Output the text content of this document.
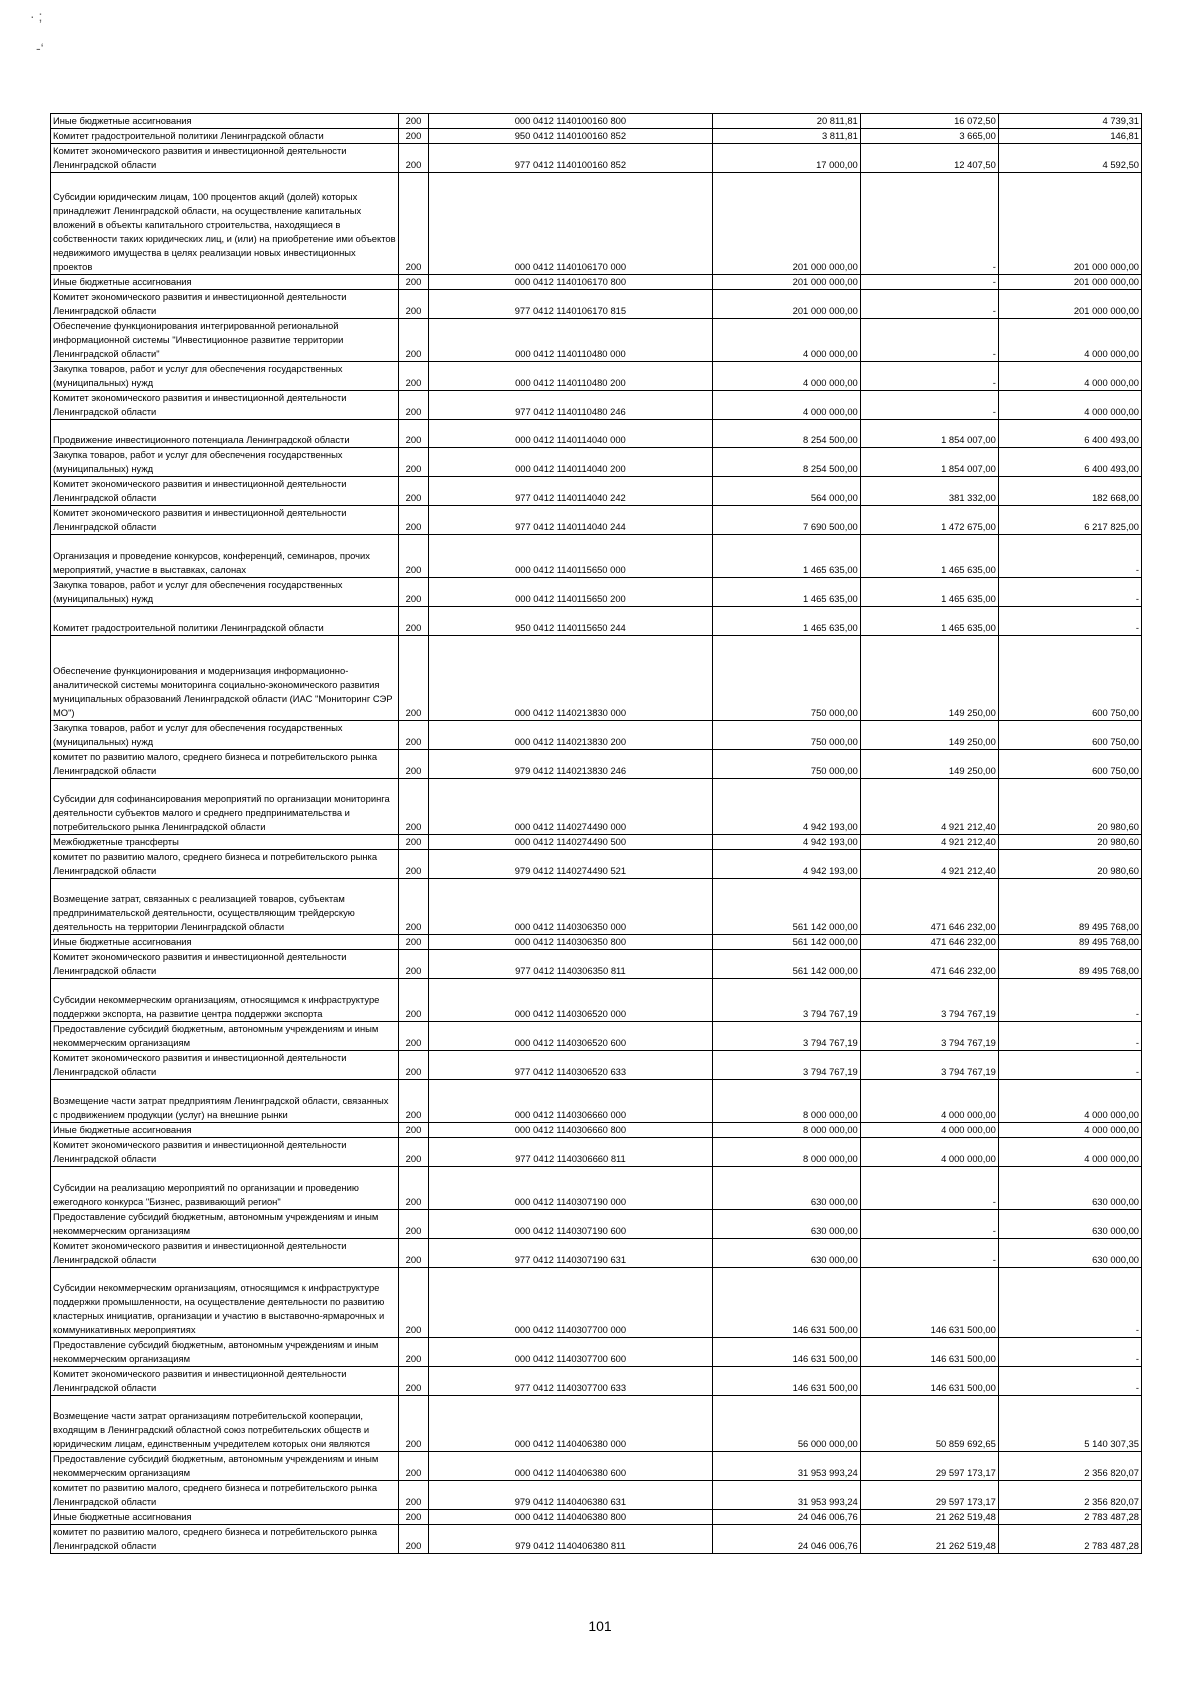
· ;
-‘
Иные бюджетные ассигнования		200		000 0412 1140100160 800	20 811,81	16 072,50	4 739,31
Комитет градостроительной политики Ленинградской области		200		950 0412 1140100160 852	3 811,81	3 665,00	146,81
Комитет экономического развития и инвестиционной деятельности Ленинградской области		200		977 0412 1140100160 852	17 000,00	12 407,50	4 592,50
Субсидии юридическим лицам, 100 процентов акций (долей) которых принадлежит Ленинградской области, на осуществление капитальных вложений в объекты капитального строительства, находящиеся в собственности таких юридических лиц, и (или) на приобретение ими объектов недвижимого имущества в целях реализации новых инвестиционных проектов		200		000 0412 1140106170 000	201 000 000,00	-	201 000 000,00
Иные бюджетные ассигнования		200		000 0412 1140106170 800	201 000 000,00	-	201 000 000,00
Комитет экономического развития и инвестиционной деятельности Ленинградской области		200		977 0412 1140106170 815	201 000 000,00	-	201 000 000,00
Обеспечение функционирования интегрированной региональной информационной системы "Инвестиционное развитие территории Ленинградской области"		200		000 0412 1140110480 000	4 000 000,00	-	4 000 000,00
Закупка товаров, работ и услуг для обеспечения государственных (муниципальных) нужд		200		000 0412 1140110480 200	4 000 000,00	-	4 000 000,00
Комитет экономического развития и инвестиционной деятельности Ленинградской области		200		977 0412 1140110480 246	4 000 000,00	-	4 000 000,00
Продвижение инвестиционного потенциала Ленинградской области		200		000 0412 1140114040 000	8 254 500,00	1 854 007,00	6 400 493,00
Закупка товаров, работ и услуг для обеспечения государственных (муниципальных) нужд		200		000 0412 1140114040 200	8 254 500,00	1 854 007,00	6 400 493,00
Комитет экономического развития и инвестиционной деятельности Ленинградской области		200		977 0412 1140114040 242	564 000,00	381 332,00	182 668,00
Комитет экономического развития и инвестиционной деятельности Ленинградской области		200		977 0412 1140114040 244	7 690 500,00	1 472 675,00	6 217 825,00
Организация и проведение конкурсов, конференций, семинаров, прочих мероприятий, участие в выставках, салонах		200		000 0412 1140115650 000	1 465 635,00	1 465 635,00	-
Закупка товаров, работ и услуг для обеспечения государственных (муниципальных) нужд		200		000 0412 1140115650 200	1 465 635,00	1 465 635,00	-
Комитет градостроительной политики Ленинградской области		200		950 0412 1140115650 244	1 465 635,00	1 465 635,00	-
Обеспечение функционирования и модернизация информационно-аналитической системы мониторинга социально-экономического развития муниципальных образований Ленинградской области (ИАС "Мониторинг СЭР МО")		200		000 0412 1140213830 000	750 000,00	149 250,00	600 750,00
Закупка товаров, работ и услуг для обеспечения государственных (муниципальных) нужд		200		000 0412 1140213830 200	750 000,00	149 250,00	600 750,00
комитет по развитию малого, среднего бизнеса и потребительского рынка Ленинградской области		200		979 0412 1140213830 246	750 000,00	149 250,00	600 750,00
Субсидии для софинансирования мероприятий по организации мониторинга деятельности субъектов малого и среднего предпринимательства и потребительского рынка Ленинградской области		200		000 0412 1140274490 000	4 942 193,00	4 921 212,40	20 980,60
Межбюджетные трансферты		200		000 0412 1140274490 500	4 942 193,00	4 921 212,40	20 980,60
комитет по развитию малого, среднего бизнеса и потребительского рынка Ленинградской области		200		979 0412 1140274490 521	4 942 193,00	4 921 212,40	20 980,60
Возмещение затрат, связанных с реализацией товаров, субъектам предпринимательской деятельности, осуществляющим трейдерскую деятельность на территории Ленинградской области		200		000 0412 1140306350 000	561 142 000,00	471 646 232,00	89 495 768,00
Иные бюджетные ассигнования		200		000 0412 1140306350 800	561 142 000,00	471 646 232,00	89 495 768,00
Комитет экономического развития и инвестиционной деятельности Ленинградской области		200		977 0412 1140306350 811	561 142 000,00	471 646 232,00	89 495 768,00
Субсидии некоммерческим организациям, относящимся к инфраструктуре поддержки экспорта, на развитие центра поддержки экспорта		200		000 0412 1140306520 000	3 794 767,19	3 794 767,19	-
Предоставление субсидий бюджетным, автономным учреждениям и иным некоммерческим организациям		200		000 0412 1140306520 600	3 794 767,19	3 794 767,19	-
Комитет экономического развития и инвестиционной деятельности Ленинградской области		200		977 0412 1140306520 633	3 794 767,19	3 794 767,19	-
Возмещение части затрат предприятиям Ленинградской области, связанных с продвижением продукции (услуг) на внешние рынки		200		000 0412 1140306660 000	8 000 000,00	4 000 000,00	4 000 000,00
Иные бюджетные ассигнования		200		000 0412 1140306660 800	8 000 000,00	4 000 000,00	4 000 000,00
Комитет экономического развития и инвестиционной деятельности Ленинградской области		200		977 0412 1140306660 811	8 000 000,00	4 000 000,00	4 000 000,00
Субсидии на реализацию мероприятий по организации и проведению ежегодного конкурса "Бизнес, развивающий регион"		200		000 0412 1140307190 000	630 000,00	-	630 000,00
Предоставление субсидий бюджетным, автономным учреждениям и иным некоммерческим организациям		200		000 0412 1140307190 600	630 000,00	-	630 000,00
Комитет экономического развития и инвестиционной деятельности Ленинградской области		200		977 0412 1140307190 631	630 000,00	-	630 000,00
Субсидии некоммерческим организациям, относящимся к инфраструктуре поддержки промышленности, на осуществление деятельности по развитию кластерных инициатив, организации и участию в выставочно-ярмарочных и коммуникативных мероприятиях		200		000 0412 1140307700 000	146 631 500,00	146 631 500,00	-
Предоставление субсидий бюджетным, автономным учреждениям и иным некоммерческим организациям		200		000 0412 1140307700 600	146 631 500,00	146 631 500,00	-
Комитет экономического развития и инвестиционной деятельности Ленинградской области		200		977 0412 1140307700 633	146 631 500,00	146 631 500,00	-
Возмещение части затрат организациям потребительской кооперации, входящим в Ленинградский областной союз потребительских обществ и юридическим лицам, единственным учредителем которых они являются		200		000 0412 1140406380 000	56 000 000,00	50 859 692,65	5 140 307,35
Предоставление субсидий бюджетным, автономным учреждениям и иным некоммерческим организациям		200		000 0412 1140406380 600	31 953 993,24	29 597 173,17	2 356 820,07
комитет по развитию малого, среднего бизнеса и потребительского рынка Ленинградской области		200		979 0412 1140406380 631	31 953 993,24	29 597 173,17	2 356 820,07
Иные бюджетные ассигнования		200		000 0412 1140406380 800	24 046 006,76	21 262 519,48	2 783 487,28
комитет по развитию малого, среднего бизнеса и потребительского рынка Ленинградской области		200		979 0412 1140406380 811	24 046 006,76	21 262 519,48	2 783 487,28
101
